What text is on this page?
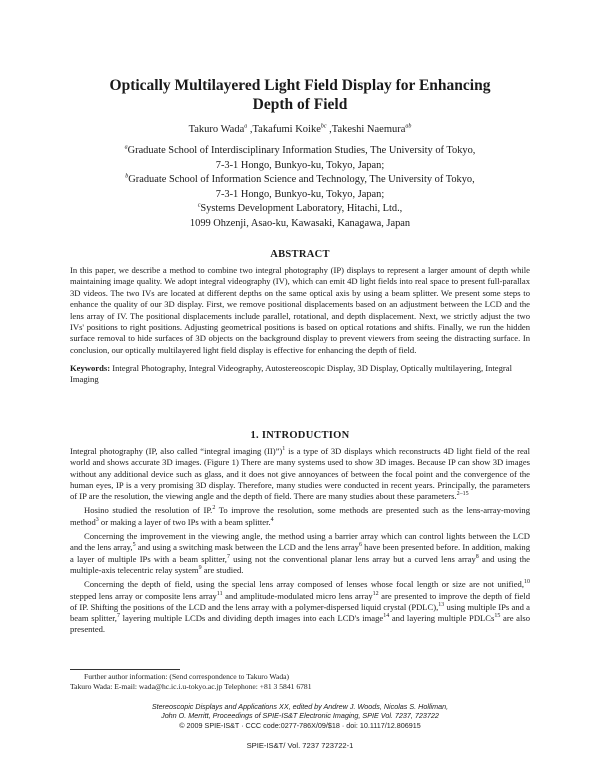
Optically Multilayered Light Field Display for Enhancing
Depth of Field
Takuro Wada$^a$ ,Takafumi Koike$^{bc}$ ,Takeshi Naemura$^{ab}$
$^a$Graduate School of Interdisciplinary Information Studies, The University of Tokyo,
7-3-1 Hongo, Bunkyo-ku, Tokyo, Japan;
$^b$Graduate School of Information Science and Technology, The University of Tokyo,
7-3-1 Hongo, Bunkyo-ku, Tokyo, Japan;
$^c$Systems Development Laboratory, Hitachi, Ltd.,
1099 Ohzenji, Asao-ku, Kawasaki, Kanagawa, Japan
ABSTRACT
In this paper, we describe a method to combine two integral photography (IP) displays to represent a larger amount of depth while maintaining image quality. We adopt integral videography (IV), which can emit 4D light fields into real space to present full-parallax 3D videos. The two IVs are located at different depths on the same optical axis by using a beam splitter. We present some steps to enhance the quality of our 3D display. First, we remove positional displacements based on an adjustment between the LCD and the lens array of IV. The positional displacements include parallel, rotational, and depth displacement. Next, we strictly adjust the two IVs' positions to right positions. Adjusting geometrical positions is based on optical rotations and shifts. Finally, we run the hidden surface removal to hide surfaces of 3D objects on the background display to prevent viewers from seeing the distracting surface. In conclusion, our optically multilayered light field display is effective for enhancing the depth of field.
Keywords: Integral Photography, Integral Videography, Autostereoscopic Display, 3D Display, Optically multilayering, Integral Imaging
1. INTRODUCTION

Integral photography (IP, also called “integral imaging (II)”)$^1$ is a type of 3D displays which reconstructs 4D light field of the real world and shows accurate 3D images. (Figure 1) There are many systems used to show 3D images. Because IP can show 3D images without any additional device such as glass, and it does not give annoyances of between the focal point and the convergence of the human eyes, IP is a very promising 3D display. Therefore, many studies were conducted in recent years. Principally, the parameters of IP are the resolution, the viewing angle and the depth of field. There are many studies about these parameters.$^{2-15}$

Hosino studied the resolution of IP.$^2$ To improve the resolution, some methods are presented such as the lens-array-moving method$^3$ or making a layer of two IPs with a beam splitter.$^4$

Concerning the improvement in the viewing angle, the method using a barrier array which can control lights between the LCD and the lens array,$^5$ and using a switching mask between the LCD and the lens array$^6$ have been presented before. In addition, making a layer of multiple IPs with a beam splitter,$^7$ using not the conventional planar lens array but a curved lens array$^8$ and using the multiple-axis telecentric relay system$^9$ are studied.

Concerning the depth of field, using the special lens array composed of lenses whose focal length or size are not unified,$^{10}$ stepped lens array or composite lens array$^{11}$ and amplitude-modulated micro lens array$^{12}$ are presented to improve the depth of field of IP. Shifting the positions of the LCD and the lens array with a polymer-dispersed liquid crystal (PDLC),$^{13}$ using multiple IPs and a beam splitter,$^7$ layering multiple LCDs and dividing depth images into each LCD's image$^{14}$ and layering multiple PDLCs$^{15}$ are also presented.

Further author information: (Send correspondence to Takuro Wada)
Takuro Wada: E-mail: wada@hc.ic.i.u-tokyo.ac.jp Telephone: +81 3 5841 6781
Stereoscopic Displays and Applications XX, edited by Andrew J. Woods, Nicolas S. Holliman,
John O. Merritt, Proceedings of SPIE-IS&T Electronic Imaging, SPIE Vol. 7237, 723722
© 2009 SPIE-IS&T · CCC code:0277-786X/09/$18 · doi: 10.1117/12.806915
SPIE-IS&T/ Vol. 7237 723722-1
